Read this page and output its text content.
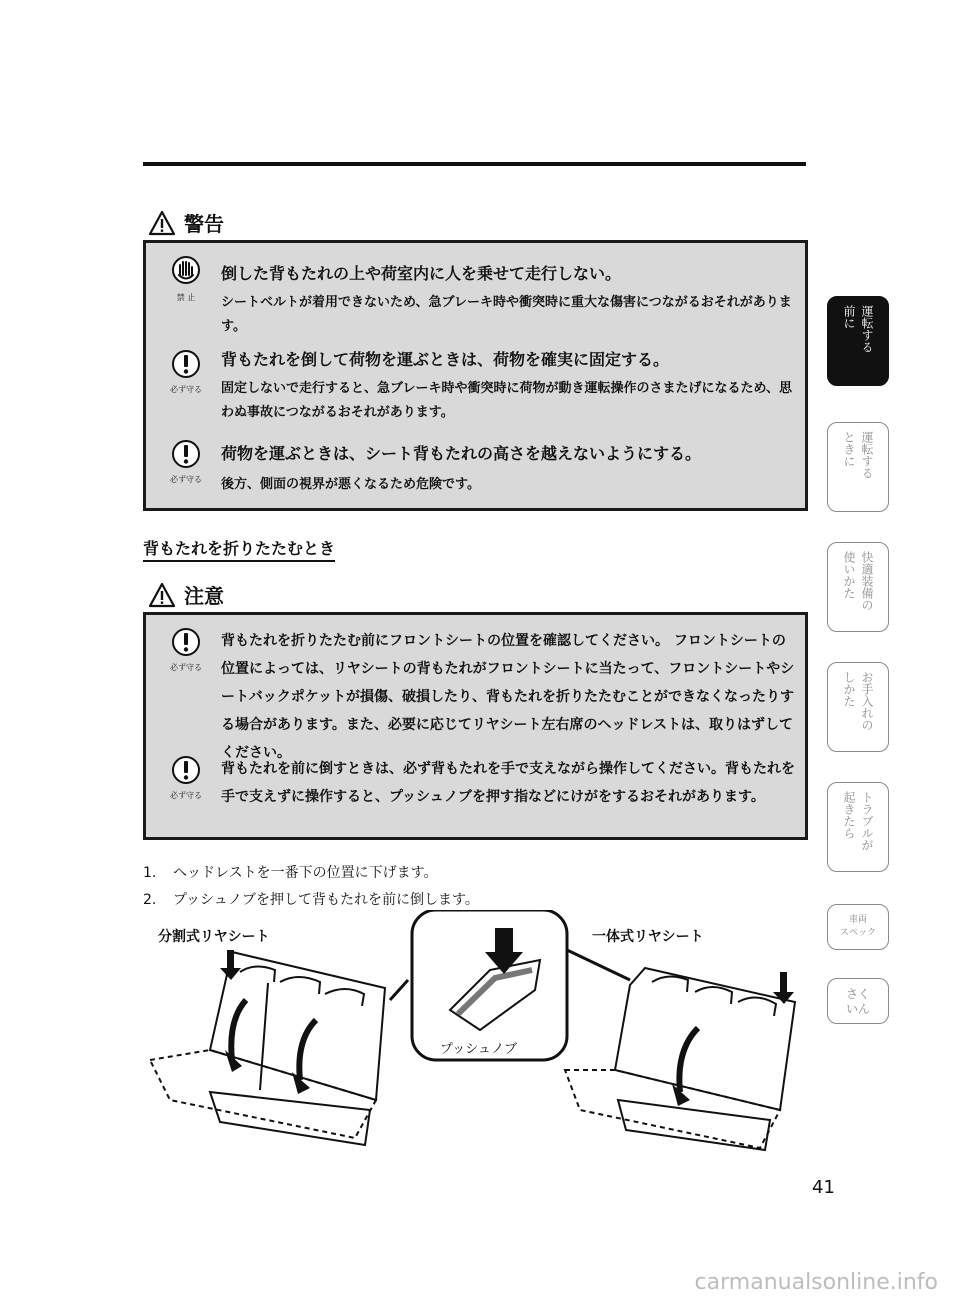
警告
禁 止
倒した背もたれの上や荷室内に人を乗せて走行しない。
シートベルトが着用できないため、急ブレーキ時や衝突時に重大な傷害につながるおそれがあります。
必ず守る
背もたれを倒して荷物を運ぶときは、荷物を確実に固定する。
固定しないで走行すると、急ブレーキ時や衝突時に荷物が動き運転操作のさまたげになるため、思わぬ事故につながるおそれがあります。
必ず守る
荷物を運ぶときは、シート背もたれの高さを越えないようにする。
後方、側面の視界が悪くなるため危険です。
背もたれを折りたたむとき
注意
必ず守る
背もたれを折りたたむ前にフロントシートの位置を確認してください。 フロントシートの位置によっては、リヤシートの背もたれがフロントシートに当たって、フロントシートやシートバックポケットが損傷、破損したり、背もたれを折りたたむことができなくなったりする場合があります。また、必要に応じてリヤシート左右席のヘッドレストは、取りはずしてください。
必ず守る
背もたれを前に倒すときは、必ず背もたれを手で支えながら操作してください。背もたれを手で支えずに操作すると、プッシュノブを押す指などにけがをするおそれがあります。
1. ヘッドレストを一番下の位置に下げます。
2. プッシュノブを押して背もたれを前に倒します。
分割式リヤシート	一体式リヤシート
プッシュノブ
運転する
前に
運転する
ときに
快適装備の
使いかた
お手入れの
しかた
トラブルが
起きたら
車両
スペック
さく
いん
41
carmanualsonline.info
